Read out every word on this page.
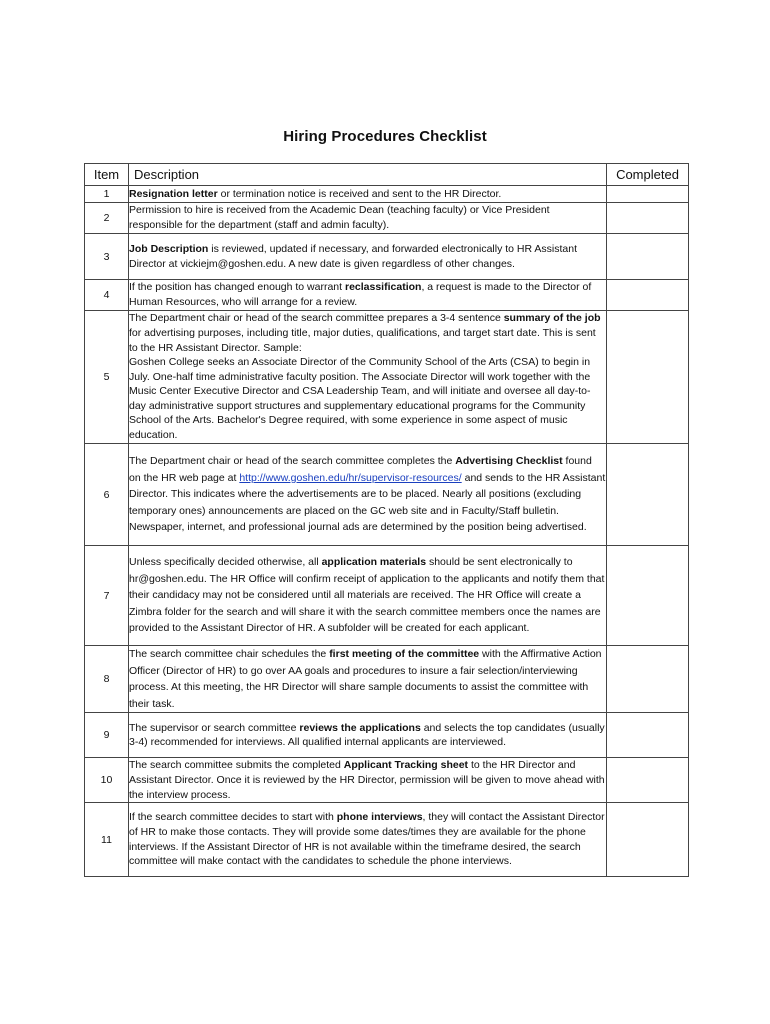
Hiring Procedures Checklist
Item	Description	Completed
1	Resignation letter or termination notice is received and sent to the HR Director.	
2	Permission to hire is received from the Academic Dean (teaching faculty) or Vice President responsible for the department (staff and admin faculty).	
3	Job Description is reviewed, updated if necessary, and forwarded electronically to HR Assistant Director at vickiejm@goshen.edu. A new date is given regardless of other changes.	
4	If the position has changed enough to warrant reclassification, a request is made to the Director of Human Resources, who will arrange for a review.	
5	The Department chair or head of the search committee prepares a 3-4 sentence summary of the job for advertising purposes, including title, major duties, qualifications, and target start date. This is sent to the HR Assistant Director. Sample:
Goshen College seeks an Associate Director of the Community School of the Arts (CSA) to begin in July. One-half time administrative faculty position. The Associate Director will work together with the Music Center Executive Director and CSA Leadership Team, and will initiate and oversee all day-to-day administrative support structures and supplementary educational programs for the Community School of the Arts. Bachelor's Degree required, with some experience in some aspect of music education.	
6	The Department chair or head of the search committee completes the Advertising Checklist found on the HR web page at http://www.goshen.edu/hr/supervisor-resources/ and sends to the HR Assistant Director. This indicates where the advertisements are to be placed. Nearly all positions (excluding temporary ones) announcements are placed on the GC web site and in Faculty/Staff bulletin. Newspaper, internet, and professional journal ads are determined by the position being advertised.	
7	Unless specifically decided otherwise, all application materials should be sent electronically to hr@goshen.edu. The HR Office will confirm receipt of application to the applicants and notify them that their candidacy may not be considered until all materials are received. The HR Office will create a Zimbra folder for the search and will share it with the search committee members once the names are provided to the Assistant Director of HR. A subfolder will be created for each applicant.	
8	The search committee chair schedules the first meeting of the committee with the Affirmative Action Officer (Director of HR) to go over AA goals and procedures to insure a fair selection/interviewing process. At this meeting, the HR Director will share sample documents to assist the committee with their task.	
9	The supervisor or search committee reviews the applications and selects the top candidates (usually 3-4) recommended for interviews. All qualified internal applicants are interviewed.	
10	The search committee submits the completed Applicant Tracking sheet to the HR Director and Assistant Director. Once it is reviewed by the HR Director, permission will be given to move ahead with the interview process.	
11	If the search committee decides to start with phone interviews, they will contact the Assistant Director of HR to make those contacts. They will provide some dates/times they are available for the phone interviews. If the Assistant Director of HR is not available within the timeframe desired, the search committee will make contact with the candidates to schedule the phone interviews.	
